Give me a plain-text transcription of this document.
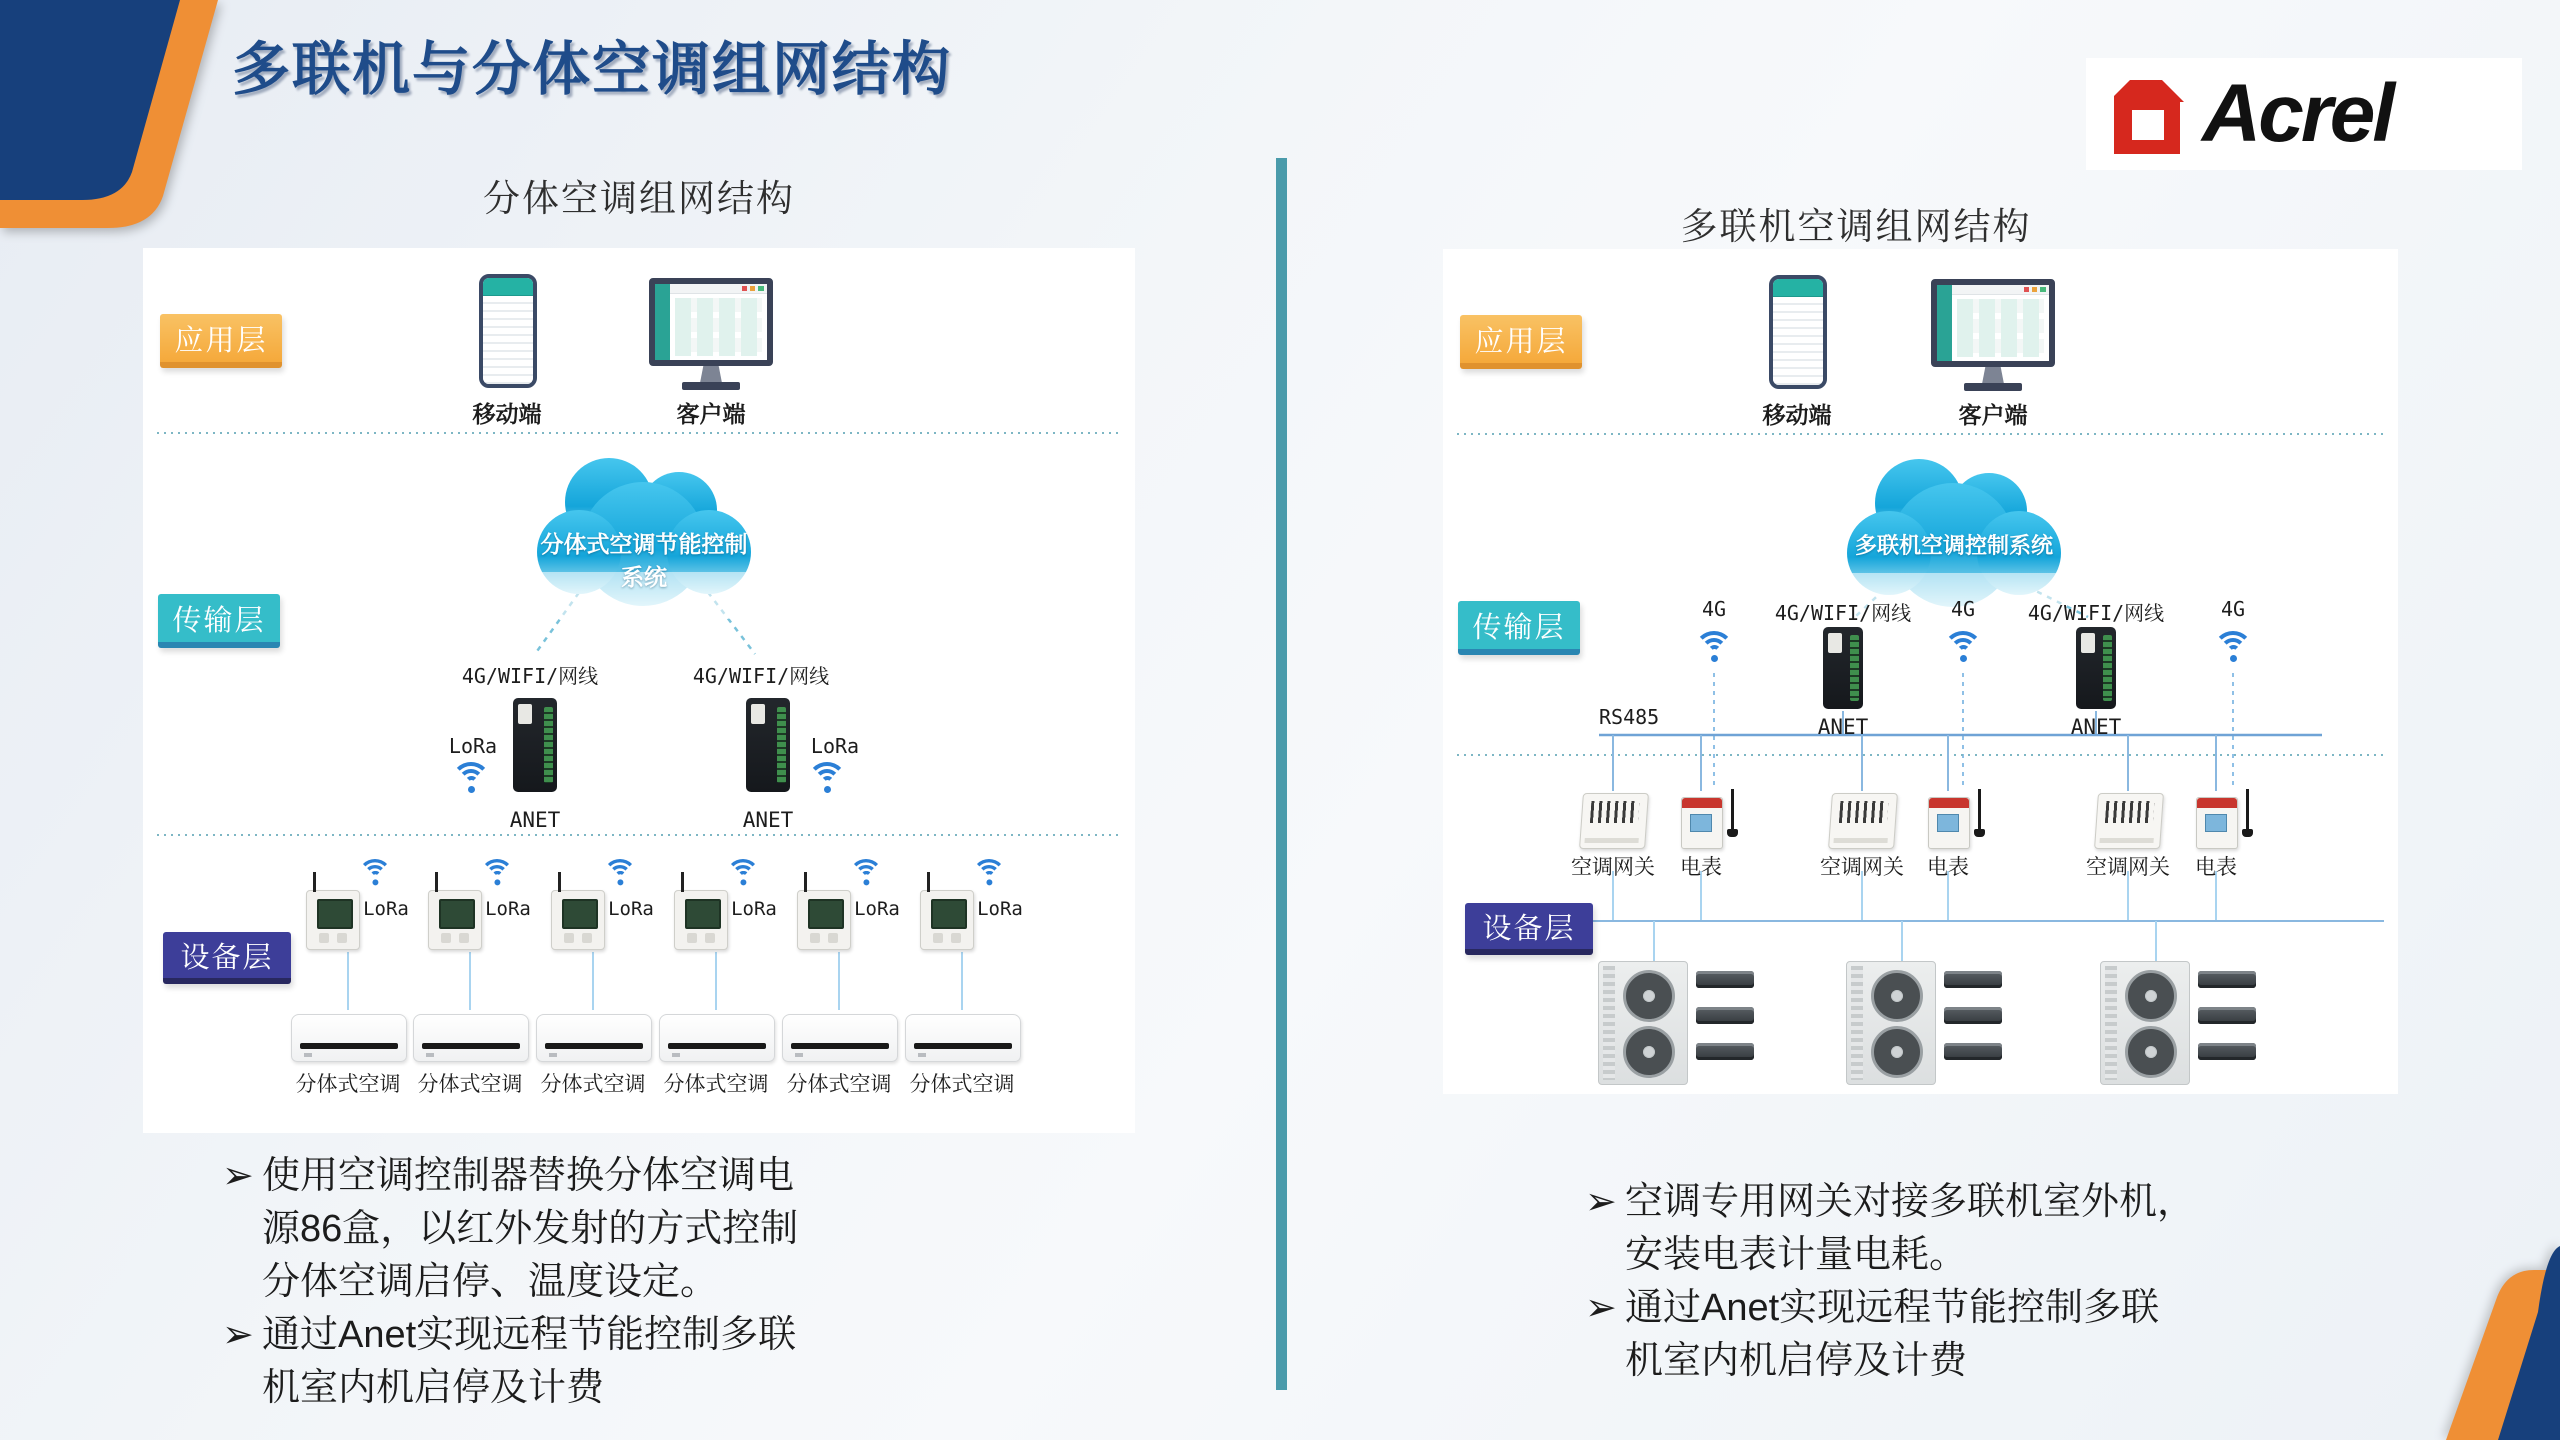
多联机与分体空调组网结构	Acrel
分体空调组网结构
应用层
传输层
设备层
移动端	客户端
分体式空调节能控制系统
4G/WIFI/网线	4G/WIFI/网线
LoRa
ANET
LoRa
ANET
LoRa	LoRa	LoRa	LoRa	LoRa	LoRa
分体式空调 分体式空调 分体式空调 分体式空调 分体式空调 分体式空调
➢ 使用空调控制器替换分体空调电
源86盒，以红外发射的方式控制
分体空调启停、温度设定。
➢ 通过Anet实现远程节能控制多联
机室内机启停及计费
多联机空调组网结构
应用层
传输层
设备层
移动端	客户端
多联机空调控制系统
4G	4G/WIFI/网线	4G	4G/WIFI/网线	4G
ANET	ANET
RS485
空调网关	电表	空调网关	电表	空调网关	电表
➢ 空调专用网关对接多联机室外机，
安装电表计量电耗。
➢ 通过Anet实现远程节能控制多联
机室内机启停及计费
